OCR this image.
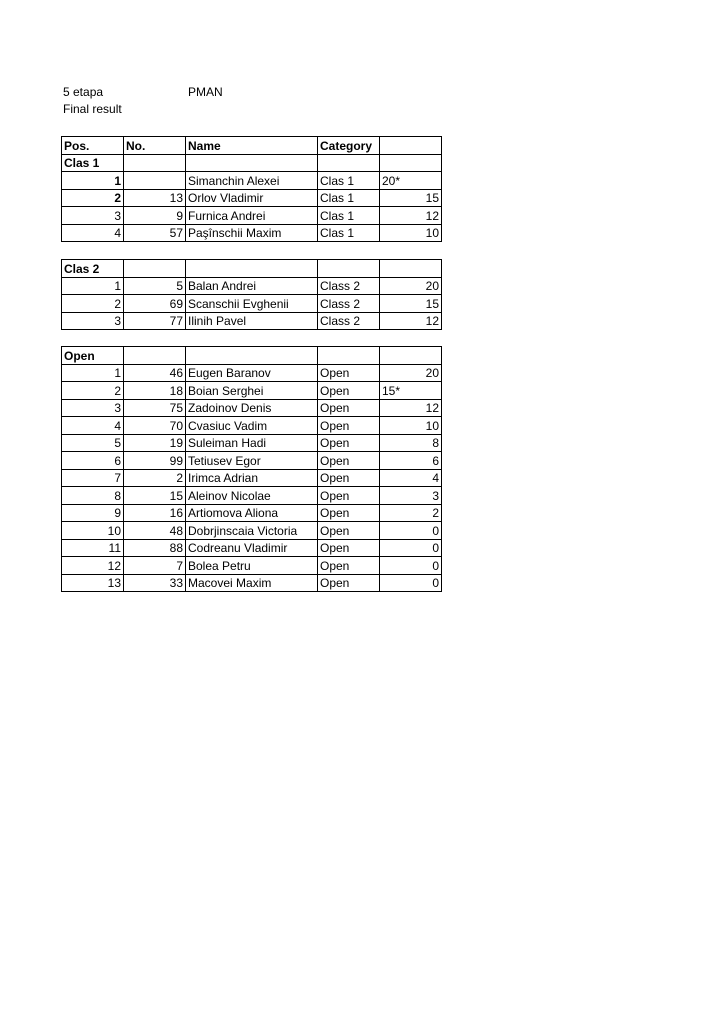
5 etapa	PMAN
Final result
Pos.	No.	Name	Category	
Clas 1				
1		Simanchin Alexei	Clas 1	20*
2	13	Orlov Vladimir	Clas 1	15
3	9	Furnica Andrei	Clas 1	12
4	57	Paşînschii Maxim	Clas 1	10
Clas 2				
1	5	Balan Andrei	Class 2	20
2	69	Scanschii Evghenii	Class 2	15
3	77	Ilinih Pavel	Class 2	12
Open				
1	46	Eugen Baranov	Open	20
2	18	Boian Serghei	Open	15*
3	75	Zadoinov Denis	Open	12
4	70	Cvasiuc Vadim	Open	10
5	19	Suleiman Hadi	Open	8
6	99	Tetiusev Egor	Open	6
7	2	Irimca Adrian	Open	4
8	15	Aleinov Nicolae	Open	3
9	16	Artiomova Aliona	Open	2
10	48	Dobrjinscaia Victoria	Open	0
11	88	Codreanu Vladimir	Open	0
12	7	Bolea Petru	Open	0
13	33	Macovei Maxim	Open	0
